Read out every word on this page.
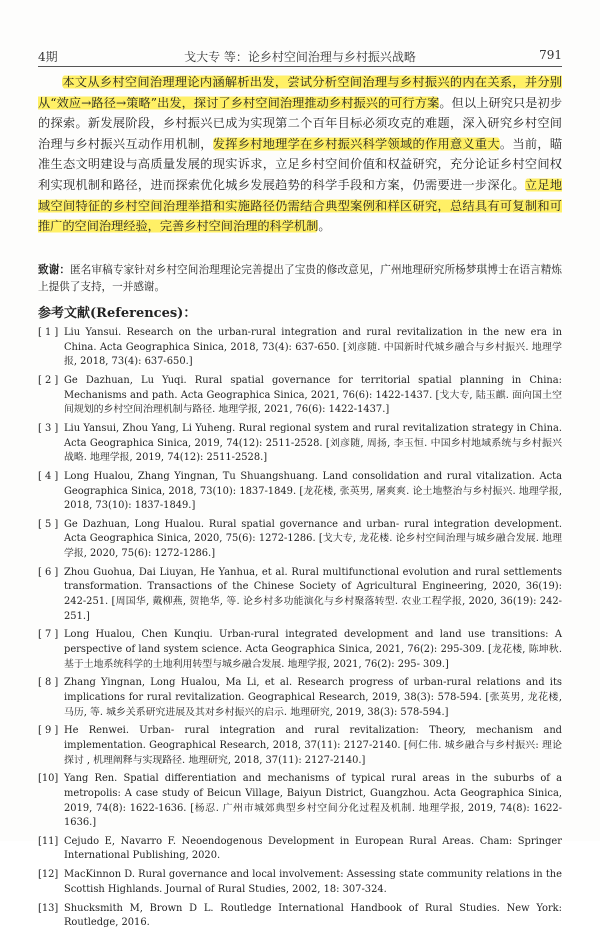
4期	戈大专 等：论乡村空间治理与乡村振兴战略	791

本文从乡村空间治理理论内涵解析出发，尝试分析空间治理与乡村振兴的内在关系，并分别从“效应→路径→策略”出发，探讨了乡村空间治理推动乡村振兴的可行方案。但以上研究只是初步的探索。新发展阶段，乡村振兴已成为实现第二个百年目标必须攻克的难题，深入研究乡村空间治理与乡村振兴互动作用机制，发挥乡村地理学在乡村振兴科学领域的作用意义重大。当前，瞄准生态文明建设与高质量发展的现实诉求，立足乡村空间价值和权益研究，充分论证乡村空间权利实现机制和路径，进而探索优化城乡发展趋势的科学手段和方案，仍需要进一步深化。立足地域空间特征的乡村空间治理举措和实施路径仍需结合典型案例和样区研究，总结具有可复制和可推广的空间治理经验，完善乡村空间治理的科学机制。

致谢：匿名审稿专家针对乡村空间治理理论完善提出了宝贵的修改意见，广州地理研究所杨梦琪博士在语言精炼上提供了支持，一并感谢。
参考文献(References)：
[ 1 ] Liu Yansui. Research on the urban-rural integration and rural revitalization in the new era in China. Acta Geographica Sinica, 2018, 73(4): 637-650. [刘彦随. 中国新时代城乡融合与乡村振兴. 地理学报, 2018, 73(4): 637-650.]
[ 2 ] Ge Dazhuan, Lu Yuqi. Rural spatial governance for territorial spatial planning in China: Mechanisms and path. Acta Geographica Sinica, 2021, 76(6): 1422-1437. [戈大专, 陆玉麒. 面向国土空间规划的乡村空间治理机制与路径. 地理学报, 2021, 76(6): 1422-1437.]
[ 3 ] Liu Yansui, Zhou Yang, Li Yuheng. Rural regional system and rural revitalization strategy in China. Acta Geographica Sinica, 2019, 74(12): 2511-2528. [刘彦随, 周扬, 李玉恒. 中国乡村地域系统与乡村振兴战略. 地理学报, 2019, 74(12): 2511-2528.]
[ 4 ] Long Hualou, Zhang Yingnan, Tu Shuangshuang. Land consolidation and rural vitalization. Acta Geographica Sinica, 2018, 73(10): 1837-1849. [龙花楼, 张英男, 屠爽爽. 论土地整治与乡村振兴. 地理学报, 2018, 73(10): 1837-1849.]
[ 5 ] Ge Dazhuan, Long Hualou. Rural spatial governance and urban- rural integration development. Acta Geographica Sinica, 2020, 75(6): 1272-1286. [戈大专, 龙花楼. 论乡村空间治理与城乡融合发展. 地理学报, 2020, 75(6): 1272-1286.]
[ 6 ] Zhou Guohua, Dai Liuyan, He Yanhua, et al. Rural multifunctional evolution and rural settlements transformation. Transactions of the Chinese Society of Agricultural Engineering, 2020, 36(19): 242-251. [周国华, 戴柳燕, 贺艳华, 等. 论乡村多功能演化与乡村聚落转型. 农业工程学报, 2020, 36(19): 242-251.]
[ 7 ] Long Hualou, Chen Kunqiu. Urban-rural integrated development and land use transitions: A perspective of land system science. Acta Geographica Sinica, 2021, 76(2): 295-309. [龙花楼, 陈坤秋. 基于土地系统科学的土地利用转型与城乡融合发展. 地理学报, 2021, 76(2): 295- 309.]
[ 8 ] Zhang Yingnan, Long Hualou, Ma Li, et al. Research progress of urban-rural relations and its implications for rural revitalization. Geographical Research, 2019, 38(3): 578-594. [张英男, 龙花楼, 马历, 等. 城乡关系研究进展及其对乡村振兴的启示. 地理研究, 2019, 38(3): 578-594.]
[ 9 ] He Renwei. Urban- rural integration and rural revitalization: Theory, mechanism and implementation. Geographical Research, 2018, 37(11): 2127-2140. [何仁伟. 城乡融合与乡村振兴: 理论探讨 , 机理阐释与实现路径. 地理研究, 2018, 37(11): 2127-2140.]
[10] Yang Ren. Spatial differentiation and mechanisms of typical rural areas in the suburbs of a metropolis: A case study of Beicun Village, Baiyun District, Guangzhou. Acta Geographica Sinica, 2019, 74(8): 1622-1636. [杨忍. 广州市城郊典型乡村空间分化过程及机制. 地理学报, 2019, 74(8): 1622-1636.]
[11] Cejudo E, Navarro F. Neoendogenous Development in European Rural Areas. Cham: Springer International Publishing, 2020.
[12] MacKinnon D. Rural governance and local involvement: Assessing state community relations in the Scottish Highlands. Journal of Rural Studies, 2002, 18: 307-324.
[13] Shucksmith M, Brown D L. Routledge International Handbook of Rural Studies. New York: Routledge, 2016.
